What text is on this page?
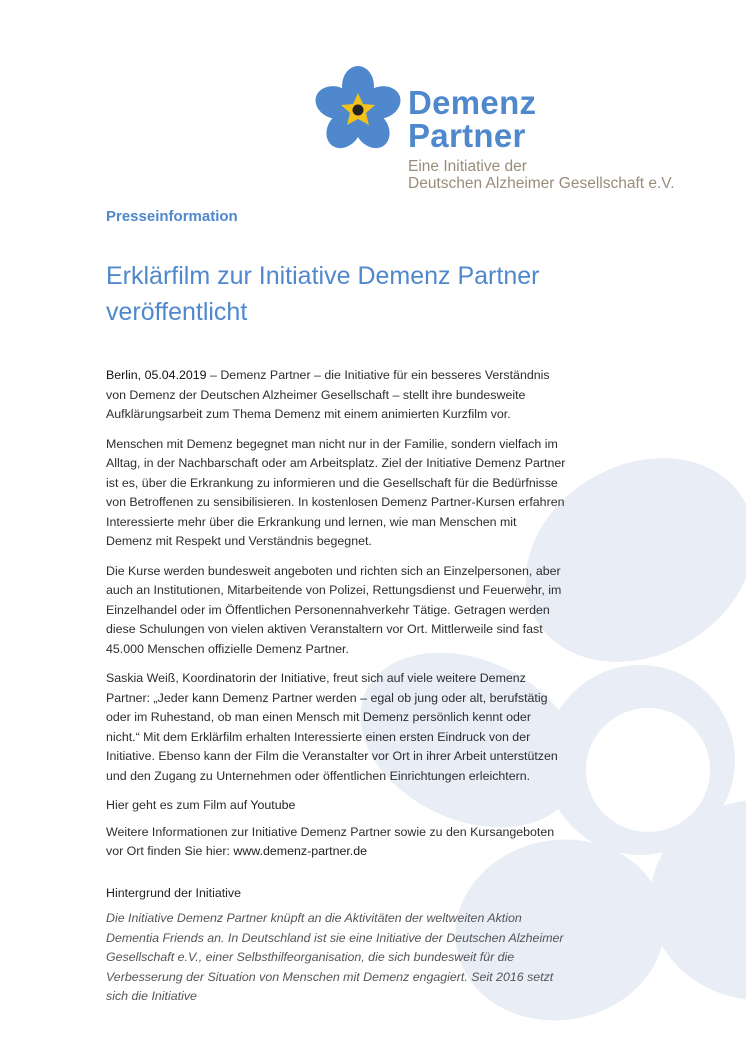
Demenz
Partner
Eine Initiative der
Deutschen Alzheimer Gesellschaft e.V.
Presseinformation
Erklärfilm zur Initiative Demenz Partner
veröffentlicht

Berlin, 05.04.2019 – Demenz Partner – die Initiative für ein besseres Verständnis von Demenz der Deutschen Alzheimer Gesellschaft – stellt ihre bundesweite Aufklärungsarbeit zum Thema Demenz mit einem animierten Kurzfilm vor.

Menschen mit Demenz begegnet man nicht nur in der Familie, sondern vielfach im Alltag, in der Nachbarschaft oder am Arbeitsplatz. Ziel der Initiative Demenz Partner ist es, über die Erkrankung zu informieren und die Gesellschaft für die Bedürfnisse von Betroffenen zu sensibilisieren. In kostenlosen Demenz Partner-Kursen erfahren Interessierte mehr über die Erkrankung und lernen, wie man Menschen mit Demenz mit Respekt und Verständnis begegnet.

Die Kurse werden bundesweit angeboten und richten sich an Einzelpersonen, aber auch an Institutionen, Mitarbeitende von Polizei, Rettungsdienst und Feuerwehr, im Einzelhandel oder im Öffentlichen Personennahverkehr Tätige. Getragen werden diese Schulungen von vielen aktiven Veranstaltern vor Ort. Mittlerweile sind fast 45.000 Menschen offizielle Demenz Partner.

Saskia Weiß, Koordinatorin der Initiative, freut sich auf viele weitere Demenz Partner: „Jeder kann Demenz Partner werden – egal ob jung oder alt, berufstätig oder im Ruhestand, ob man einen Mensch mit Demenz persönlich kennt oder nicht.“ Mit dem Erklärfilm erhalten Interessierte einen ersten Eindruck von der Initiative. Ebenso kann der Film die Veranstalter vor Ort in ihrer Arbeit unterstützen und den Zugang zu Unternehmen oder öffentlichen Einrichtungen erleichtern.

Hier geht es zum Film auf Youtube

Weitere Informationen zur Initiative Demenz Partner sowie zu den Kursangeboten vor Ort finden Sie hier: www.demenz-partner.de

Hintergrund der Initiative

Die Initiative Demenz Partner knüpft an die Aktivitäten der weltweiten Aktion Dementia Friends an. In Deutschland ist sie eine Initiative der Deutschen Alzheimer Gesellschaft e.V., einer Selbsthilfeorganisation, die sich bundesweit für die Verbesserung der Situation von Menschen mit Demenz engagiert. Seit 2016 setzt sich die Initiative
